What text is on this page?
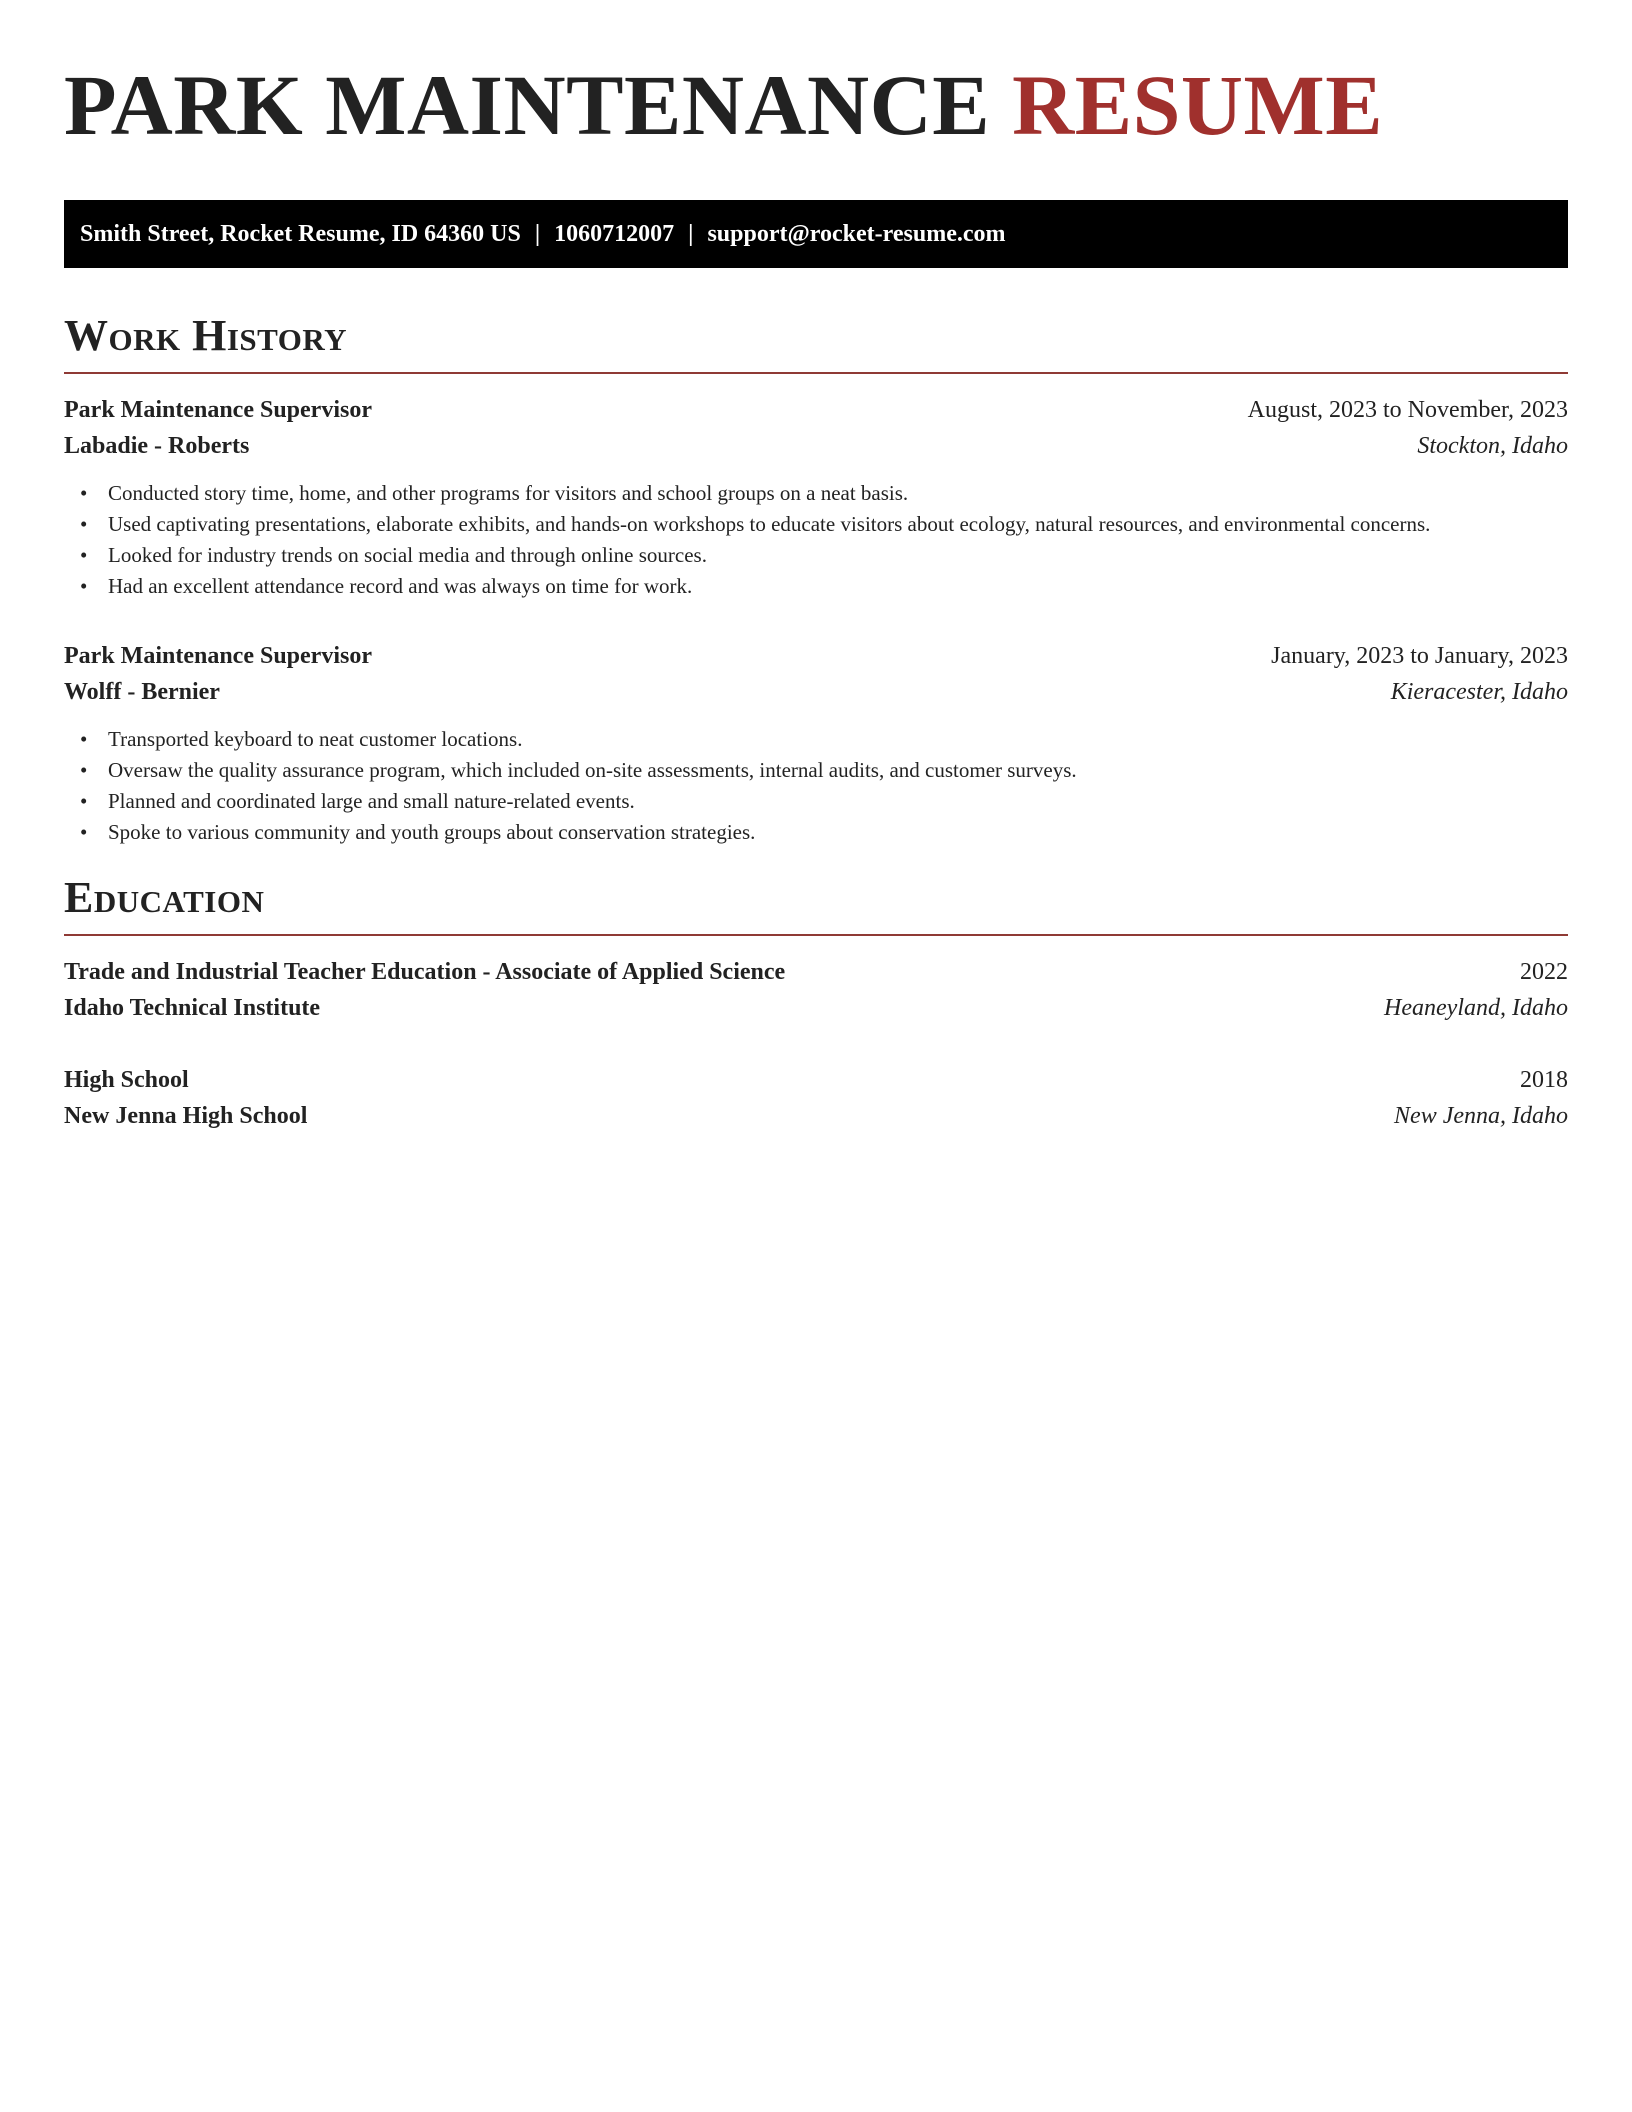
PARK MAINTENANCE RESUME
Smith Street, Rocket Resume, ID 64360 US | 1060712007 | support@rocket-resume.com
Work History
Park Maintenance Supervisor	August, 2023 to November, 2023
Labadie - Roberts	Stockton, Idaho
• Conducted story time, home, and other programs for visitors and school groups on a neat basis.
• Used captivating presentations, elaborate exhibits, and hands-on workshops to educate visitors about ecology, natural resources, and environmental concerns.
• Looked for industry trends on social media and through online sources.
• Had an excellent attendance record and was always on time for work.
Park Maintenance Supervisor	January, 2023 to January, 2023
Wolff - Bernier	Kieracester, Idaho
• Transported keyboard to neat customer locations.
• Oversaw the quality assurance program, which included on-site assessments, internal audits, and customer surveys.
• Planned and coordinated large and small nature-related events.
• Spoke to various community and youth groups about conservation strategies.
Education
Trade and Industrial Teacher Education - Associate of Applied Science	2022
Idaho Technical Institute	Heaneyland, Idaho
High School	2018
New Jenna High School	New Jenna, Idaho
